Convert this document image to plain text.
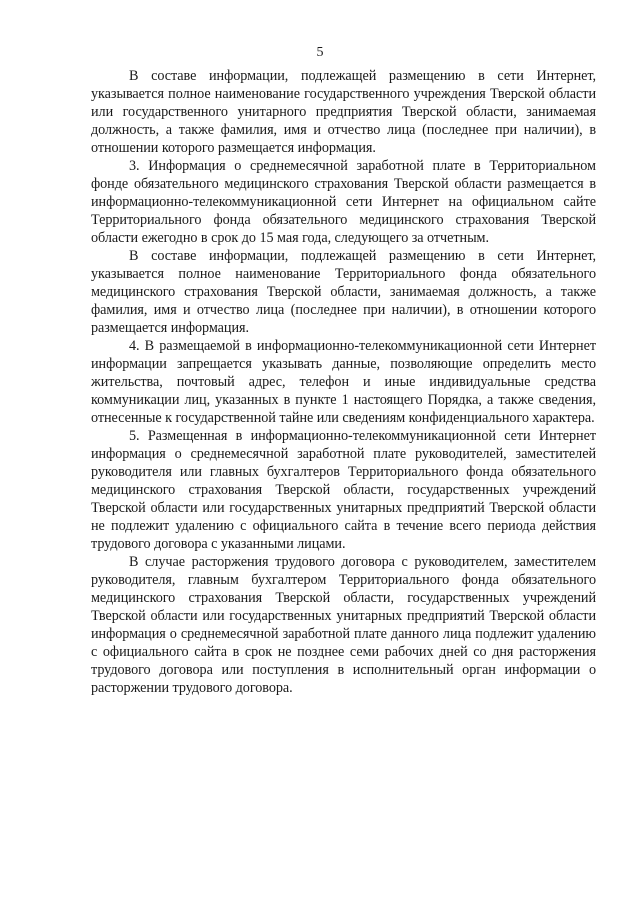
5

В составе информации, подлежащей размещению в сети Интернет, указывается полное наименование государственного учреждения Тверской области или государственного унитарного предприятия Тверской области, занимаемая должность, а также фамилия, имя и отчество лица (последнее при наличии), в отношении которого размещается информация.

3. Информация о среднемесячной заработной плате в Территориальном фонде обязательного медицинского страхования Тверской области размещается в информационно-телекоммуникационной сети Интернет на официальном сайте Территориального фонда обязательного медицинского страхования Тверской области ежегодно в срок до 15 мая года, следующего за отчетным.

В составе информации, подлежащей размещению в сети Интернет, указывается полное наименование Территориального фонда обязательного медицинского страхования Тверской области, занимаемая должность, а также фамилия, имя и отчество лица (последнее при наличии), в отношении которого размещается информация.

4. В размещаемой в информационно-телекоммуникационной сети Интернет информации запрещается указывать данные, позволяющие определить место жительства, почтовый адрес, телефон и иные индивидуальные средства коммуникации лиц, указанных в пункте 1 настоящего Порядка, а также сведения, отнесенные к государственной тайне или сведениям конфиденциального характера.

5. Размещенная в информационно-телекоммуникационной сети Интернет информация о среднемесячной заработной плате руководителей, заместителей руководителя или главных бухгалтеров Территориального фонда обязательного медицинского страхования Тверской области, государственных учреждений Тверской области или государственных унитарных предприятий Тверской области не подлежит удалению с официального сайта в течение всего периода действия трудового договора с указанными лицами.

В случае расторжения трудового договора с руководителем, заместителем руководителя, главным бухгалтером Территориального фонда обязательного медицинского страхования Тверской области, государственных учреждений Тверской области или государственных унитарных предприятий Тверской области информация о среднемесячной заработной плате данного лица подлежит удалению с официального сайта в срок не позднее семи рабочих дней со дня расторжения трудового договора или поступления в исполнительный орган информации о расторжении трудового договора.
